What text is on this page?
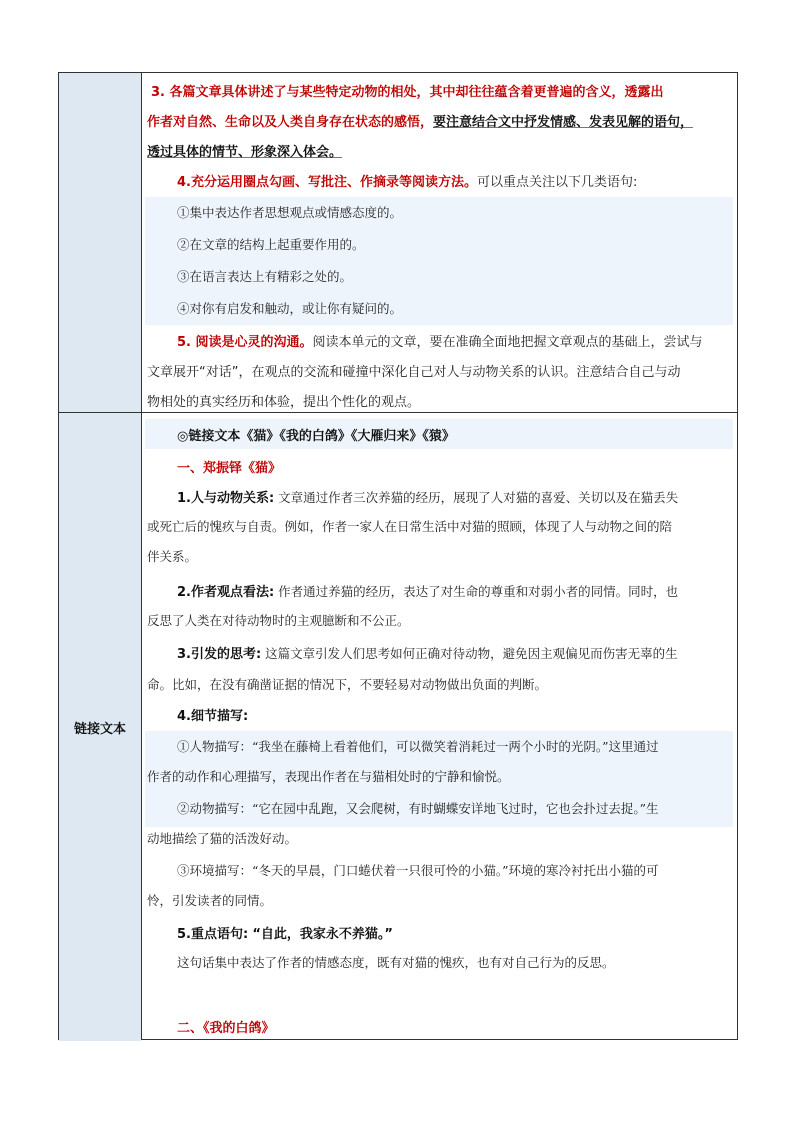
链接文本
3. 各篇文章具体讲述了与某些特定动物的相处，其中却往往蕴含着更普遍的含义，透露出
作者对自然、生命以及人类自身存在状态的感悟，要注意结合文中抒发情感、发表见解的语句，
透过具体的情节、形象深入体会。
4.充分运用圈点勾画、写批注、作摘录等阅读方法。可以重点关注以下几类语句:
①集中表达作者思想观点或情感态度的。
②在文章的结构上起重要作用的。
③在语言表达上有精彩之处的。
④对你有启发和触动，或让你有疑问的。
5. 阅读是心灵的沟通。阅读本单元的文章，要在准确全面地把握文章观点的基础上，尝试与
文章展开“对话”，在观点的交流和碰撞中深化自己对人与动物关系的认识。注意结合自己与动
物相处的真实经历和体验，提出个性化的观点。
◎链接文本《猫》《我的白鸽》《大雁归来》《猿》
一、郑振铎《猫》
1.人与动物关系: 文章通过作者三次养猫的经历，展现了人对猫的喜爱、关切以及在猫丢失
或死亡后的愧疚与自责。例如，作者一家人在日常生活中对猫的照顾，体现了人与动物之间的陪
伴关系。
2.作者观点看法: 作者通过养猫的经历，表达了对生命的尊重和对弱小者的同情。同时，也
反思了人类在对待动物时的主观臆断和不公正。
3.引发的思考: 这篇文章引发人们思考如何正确对待动物，避免因主观偏见而伤害无辜的生
命。比如，在没有确凿证据的情况下，不要轻易对动物做出负面的判断。
4.细节描写:
①人物描写：“我坐在藤椅上看着他们，可以微笑着消耗过一两个小时的光阴。”这里通过
作者的动作和心理描写，表现出作者在与猫相处时的宁静和愉悦。
②动物描写：“它在园中乱跑，又会爬树，有时蝴蝶安详地飞过时，它也会扑过去捉。”生
动地描绘了猫的活泼好动。
③环境描写：“冬天的早晨，门口蜷伏着一只很可怜的小猫。”环境的寒冷衬托出小猫的可
怜，引发读者的同情。
5.重点语句: “自此，我家永不养猫。”
这句话集中表达了作者的情感态度，既有对猫的愧疚，也有对自己行为的反思。
二、《我的白鸽》
